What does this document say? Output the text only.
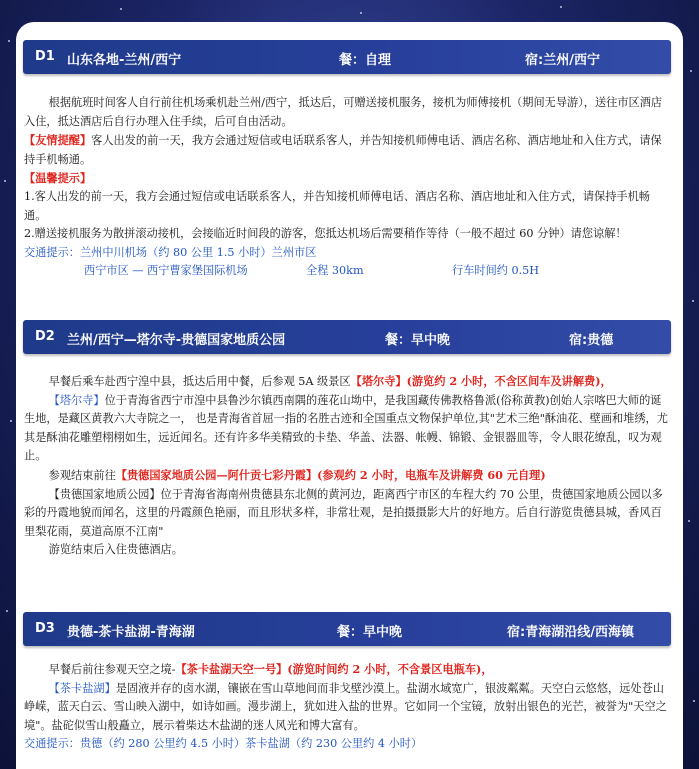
D1 山东各地-兰州/西宁	餐：自理	宿:兰州/西宁

根据航班时间客人自行前往机场乘机赴兰州/西宁，抵达后，可赠送接机服务，接机为师傅接机（期间无导游），送往市区酒店入住，抵达酒店后自行办理入住手续，后可自由活动。

【友情提醒】客人出发的前一天，我方会通过短信或电话联系客人，并告知接机师傅电话、酒店名称、酒店地址和入住方式，请保持手机畅通。

【温馨提示】

1.客人出发的前一天，我方会通过短信或电话联系客人，并告知接机师傅电话、酒店名称、酒店地址和入住方式，请保持手机畅通。

2.赠送接机服务为散拼滚动接机，会接临近时间段的游客，您抵达机场后需要稍作等待（一般不超过 60 分钟）请您谅解！

交通提示：兰州中川机场（约 80 公里 1.5 小时）兰州市区

西宁市区 — 西宁曹家堡国际机场	全程 30km	行车时间约 0.5H
D2 兰州/西宁—塔尔寺-贵德国家地质公园	餐：早中晚	宿:贵德

早餐后乘车赴西宁湟中县，抵达后用中餐，后参观 5A 级景区【塔尔寺】(游览约 2 小时，不含区间车及讲解费)，

【塔尔寺】位于青海省西宁市湟中县鲁沙尔镇西南隅的莲花山坳中，是我国藏传佛教格鲁派(俗称黄教)创始人宗喀巴大师的诞生地，是藏区黄教六大寺院之一， 也是青海省首屈一指的名胜古迹和全国重点文物保护单位,其"艺术三绝"酥油花、壁画和堆绣，尤其是酥油花雕塑栩栩如生，远近闻名。还有许多华美精致的卡垫、华盖、法器、帐幔、锦锻、金银器皿等，令人眼花缭乱，叹为观止。

参观结束前往【贵德国家地质公园—阿什贡七彩丹霞】(参观约 2 小时，电瓶车及讲解费 60 元自理)

【贵德国家地质公园】位于青海省海南州贵德县东北侧的黄河边，距离西宁市区的车程大约 70 公里，贵德国家地质公园以多彩的丹霞地貌而闻名，这里的丹霞颜色艳丽，而且形状多样，非常壮观，是拍摄摄影大片的好地方。后自行游览贵德县城，香风百里梨花雨，莫道高原不江南"

游览结束后入住贵德酒店。

D3 贵德-茶卡盐湖-青海湖	餐：早中晚	宿:青海湖沿线/西海镇

早餐后前往参观天空之境-【茶卡盐湖天空一号】(游览时间约 2 小时，不含景区电瓶车)，

【茶卡盐湖】是固液并存的卤水湖，镶嵌在雪山草地间而非戈壁沙漠上。盐湖水域宽广，银波粼粼。天空白云悠悠，远处苍山峥嵘，蓝天白云、雪山映入湖中，如诗如画。漫步湖上，犹如进入盐的世界。它如同一个宝镜，放射出银色的光芒，被誉为"天空之境"。盐砣似雪山般矗立，展示着柴达木盐湖的迷人风光和博大富有。

交通提示：贵德（约 280 公里约 4.5 小时）茶卡盐湖（约 230 公里约 4 小时）
